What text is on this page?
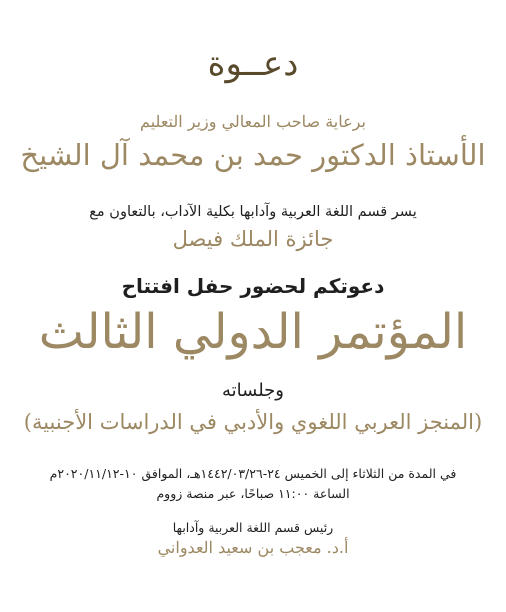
دعــوة
برعاية صاحب المعالي وزير التعليم
الأستاذ الدكتور حمد بن محمد آل الشيخ
يسر قسم اللغة العربية وآدابها بكلية الآداب، بالتعاون مع
جائزة الملك فيصل
دعوتكم لحضور حفل افتتاح
المؤتمر الدولي الثالث
وجلساته
(المنجز العربي اللغوي والأدبي في الدراسات الأجنبية)
في المدة من الثلاثاء إلى الخميس ٢٤-١٤٤٢/٠٣/٢٦هـ، الموافق ١٠-٢٠٢٠/١١/١٢م
الساعة ١١:٠٠ صباحًا، عبر منصة زووم
رئيس قسم اللغة العربية وآدابها
أ.د. معجب بن سعيد العدواني
